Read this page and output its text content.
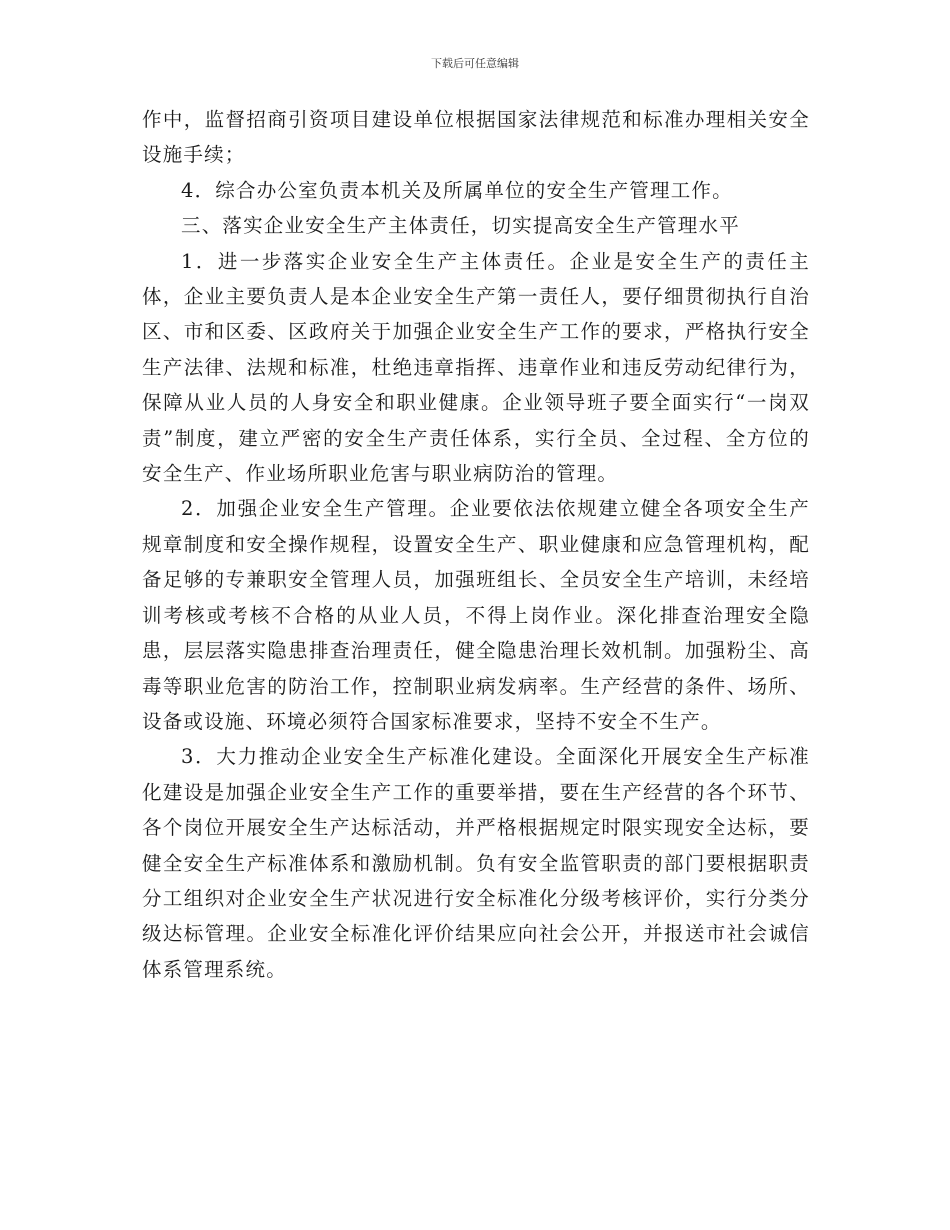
下载后可任意编辑

作中，监督招商引资项目建设单位根据国家法律规范和标准办理相关安全设施手续；

4．综合办公室负责本机关及所属单位的安全生产管理工作。

三、落实企业安全生产主体责任，切实提高安全生产管理水平

1．进一步落实企业安全生产主体责任。企业是安全生产的责任主体，企业主要负责人是本企业安全生产第一责任人，要仔细贯彻执行自治区、市和区委、区政府关于加强企业安全生产工作的要求，严格执行安全生产法律、法规和标准，杜绝违章指挥、违章作业和违反劳动纪律行为，保障从业人员的人身安全和职业健康。企业领导班子要全面实行“一岗双责”制度，建立严密的安全生产责任体系，实行全员、全过程、全方位的安全生产、作业场所职业危害与职业病防治的管理。

2．加强企业安全生产管理。企业要依法依规建立健全各项安全生产规章制度和安全操作规程，设置安全生产、职业健康和应急管理机构，配备足够的专兼职安全管理人员，加强班组长、全员安全生产培训，未经培训考核或考核不合格的从业人员，不得上岗作业。深化排查治理安全隐患，层层落实隐患排查治理责任，健全隐患治理长效机制。加强粉尘、高毒等职业危害的防治工作，控制职业病发病率。生产经营的条件、场所、设备或设施、环境必须符合国家标准要求，坚持不安全不生产。

3．大力推动企业安全生产标准化建设。全面深化开展安全生产标准化建设是加强企业安全生产工作的重要举措，要在生产经营的各个环节、各个岗位开展安全生产达标活动，并严格根据规定时限实现安全达标，要健全安全生产标准体系和激励机制。负有安全监管职责的部门要根据职责分工组织对企业安全生产状况进行安全标准化分级考核评价，实行分类分级达标管理。企业安全标准化评价结果应向社会公开，并报送市社会诚信体系管理系统。
